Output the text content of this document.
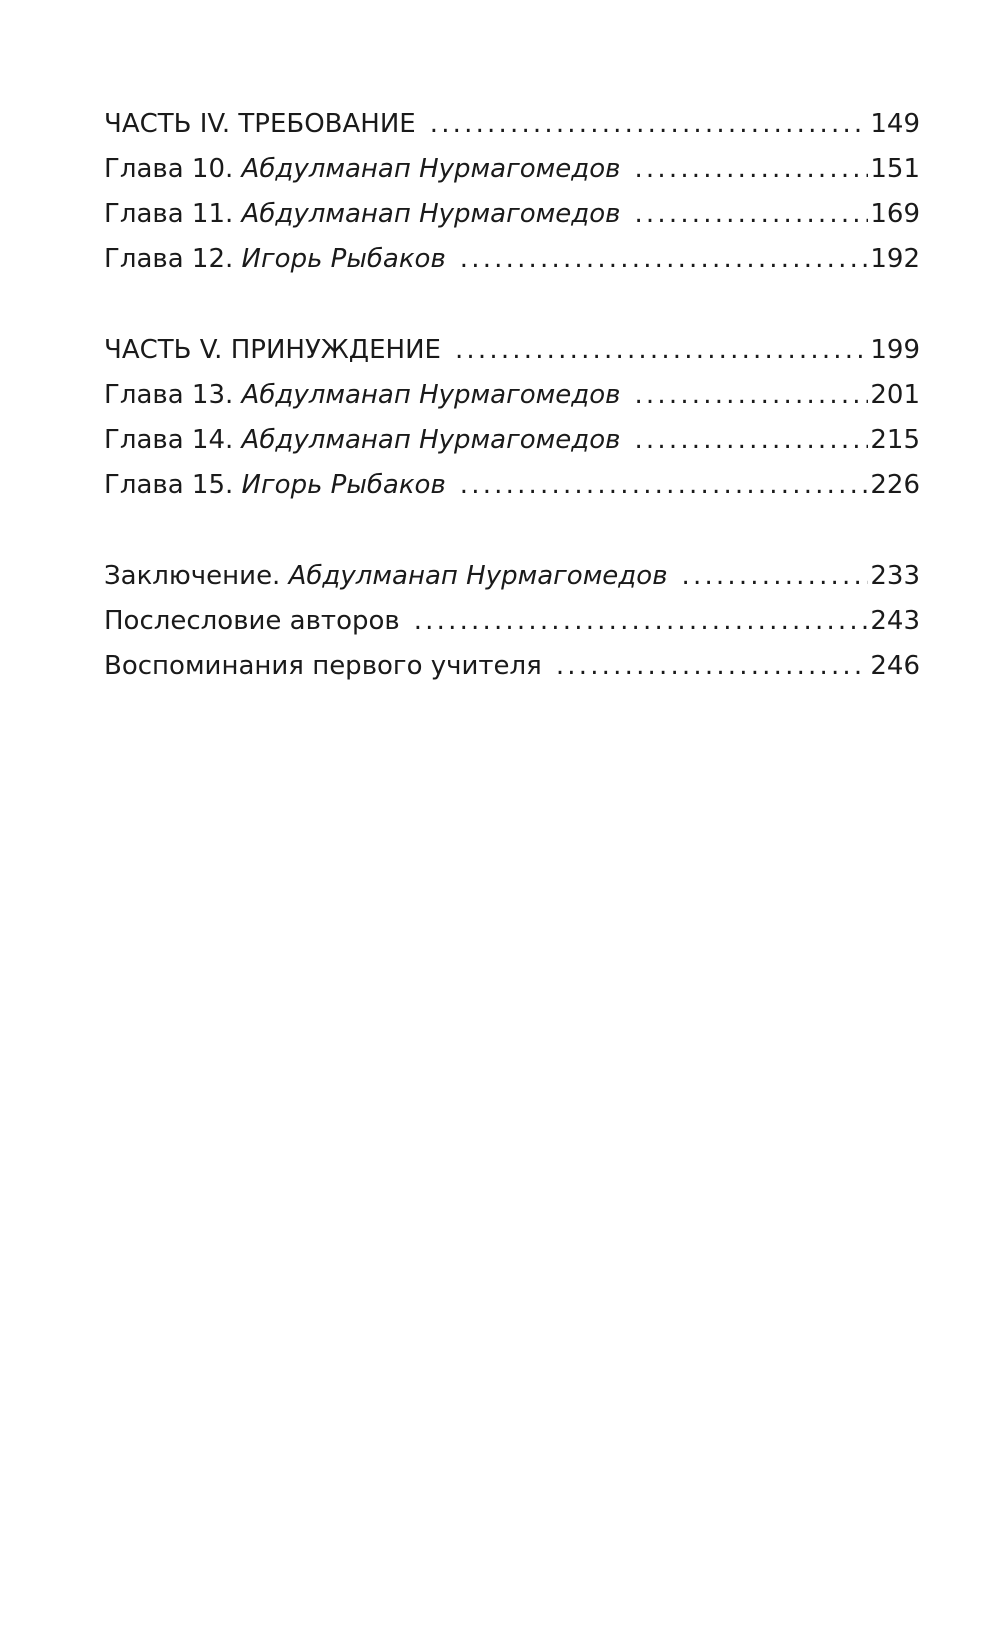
ЧАСТЬ IV. ТРЕБОВАНИЕ .....	149
Глава 10. Абдулманап Нурмагомедов .....	151
Глава 11. Абдулманап Нурмагомедов .....	169
Глава 12. Игорь Рыбаков .....	192
ЧАСТЬ V. ПРИНУЖДЕНИЕ .....	199
Глава 13. Абдулманап Нурмагомедов .....	201
Глава 14. Абдулманап Нурмагомедов .....	215
Глава 15. Игорь Рыбаков .....	226
Заключение. Абдулманап Нурмагомедов .....	233
Послесловие авторов .....	243
Воспоминания первого учителя .....	246
